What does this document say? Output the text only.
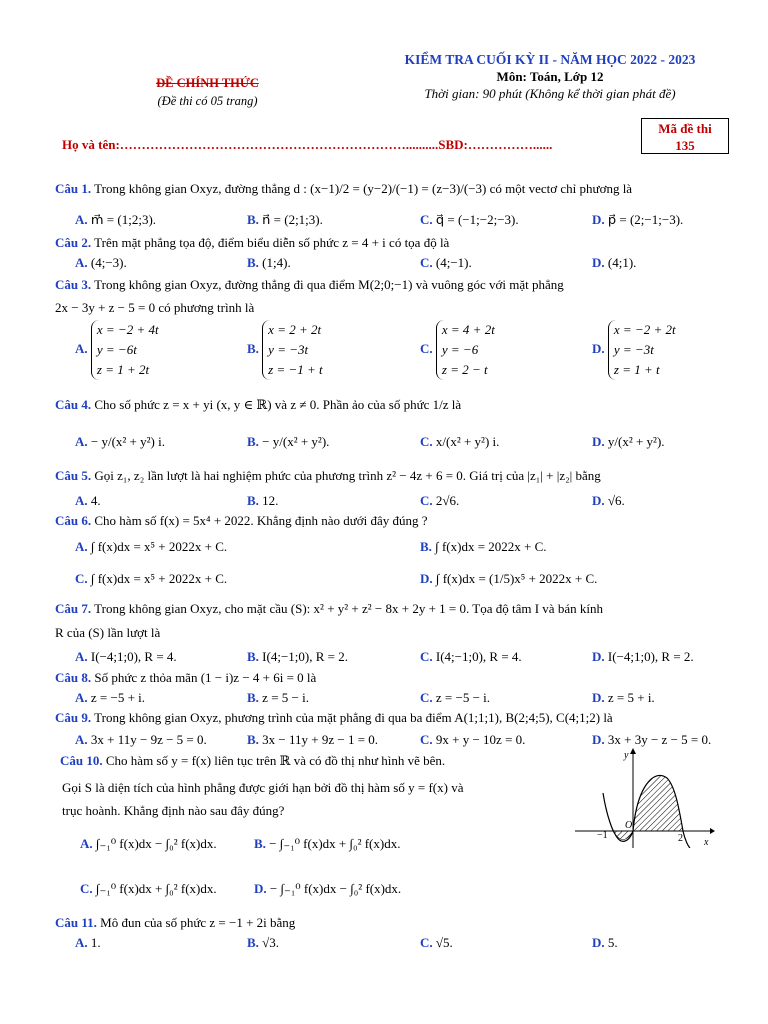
ĐỀ CHÍNH THỨC
(Đề thi có 05 trang)
KIỂM TRA CUỐI KỲ II - NĂM HỌC 2022 - 2023
Môn: Toán, Lớp 12
Thời gian: 90 phút (Không kể thời gian phát đề)
Họ và tên:…………………………………………………………..........SBD:……………......
Mã đề thi
135
Câu 1. Trong không gian Oxyz, đường thẳng d : (x−1)/2 = (y−2)/(−1) = (z−3)/(−3) có một vectơ chỉ phương là
A. m⃗ = (1;2;3).	B. n⃗ = (2;1;3).	C. q⃗ = (−1;−2;−3).	D. p⃗ = (2;−1;−3).
Câu 2. Trên mặt phẳng tọa độ, điểm biểu diễn số phức z = 4 + i có tọa độ là
A. (4;−3).	B. (1;4).	C. (4;−1).	D. (4;1).
Câu 3. Trong không gian Oxyz, đường thẳng đi qua điểm M(2;0;−1) và vuông góc với mặt phẳng
2x − 3y + z − 5 = 0 có phương trình là
A. x = −2 + 4t
y = −6t
z = 1 + 2t
B. x = 2 + 2t
y = −3t
z = −1 + t
C. x = 4 + 2t
y = −6
z = 2 − t
D. x = −2 + 2t
y = −3t
z = 1 + t
Câu 4. Cho số phức z = x + yi (x, y ∈ ℝ) và z ≠ 0. Phần ảo của số phức 1/z là
A. − y/(x² + y²) i.	B. − y/(x² + y²).	C. x/(x² + y²) i.	D. y/(x² + y²).
Câu 5. Gọi z₁, z₂ lần lượt là hai nghiệm phức của phương trình z² − 4z + 6 = 0. Giá trị của |z₁| + |z₂| bằng
A. 4.	B. 12.	C. 2√6.	D. √6.
Câu 6. Cho hàm số f(x) = 5x⁴ + 2022. Khẳng định nào dưới đây đúng ?
A. ∫ f(x)dx = x⁵ + 2022x + C.	B. ∫ f(x)dx = 2022x + C.
C. ∫ f(x)dx = x⁵ + 2022x + C.	D. ∫ f(x)dx = (1/5)x⁵ + 2022x + C.
Câu 7. Trong không gian Oxyz, cho mặt cầu (S): x² + y² + z² − 8x + 2y + 1 = 0. Tọa độ tâm I và bán kính
R của (S) lần lượt là
A. I(−4;1;0), R = 4.	B. I(4;−1;0), R = 2.	C. I(4;−1;0), R = 4.	D. I(−4;1;0), R = 2.
Câu 8. Số phức z thỏa mãn (1 − i)z − 4 + 6i = 0 là
A. z = −5 + i.	B. z = 5 − i.	C. z = −5 − i.	D. z = 5 + i.
Câu 9. Trong không gian Oxyz, phương trình của mặt phẳng đi qua ba điểm A(1;1;1), B(2;4;5), C(4;1;2) là
A. 3x + 11y − 9z − 5 = 0.	B. 3x − 11y + 9z − 1 = 0.	C. 9x + y − 10z = 0.	D. 3x + 3y − z − 5 = 0.
Câu 10. Cho hàm số y = f(x) liên tục trên ℝ và có đồ thị như hình vẽ bên.
Gọi S là diện tích của hình phẳng được giới hạn bởi đồ thị hàm số y = f(x) và
trục hoành. Khẳng định nào sau đây đúng?
A. ∫₋₁⁰ f(x)dx − ∫₀² f(x)dx.	B. − ∫₋₁⁰ f(x)dx + ∫₀² f(x)dx.
C. ∫₋₁⁰ f(x)dx + ∫₀² f(x)dx.	D. − ∫₋₁⁰ f(x)dx − ∫₀² f(x)dx.
x
y
O
−1	2
Câu 11. Mô đun của số phức z = −1 + 2i bằng
A. 1.	B. √3.	C. √5.	D. 5.
